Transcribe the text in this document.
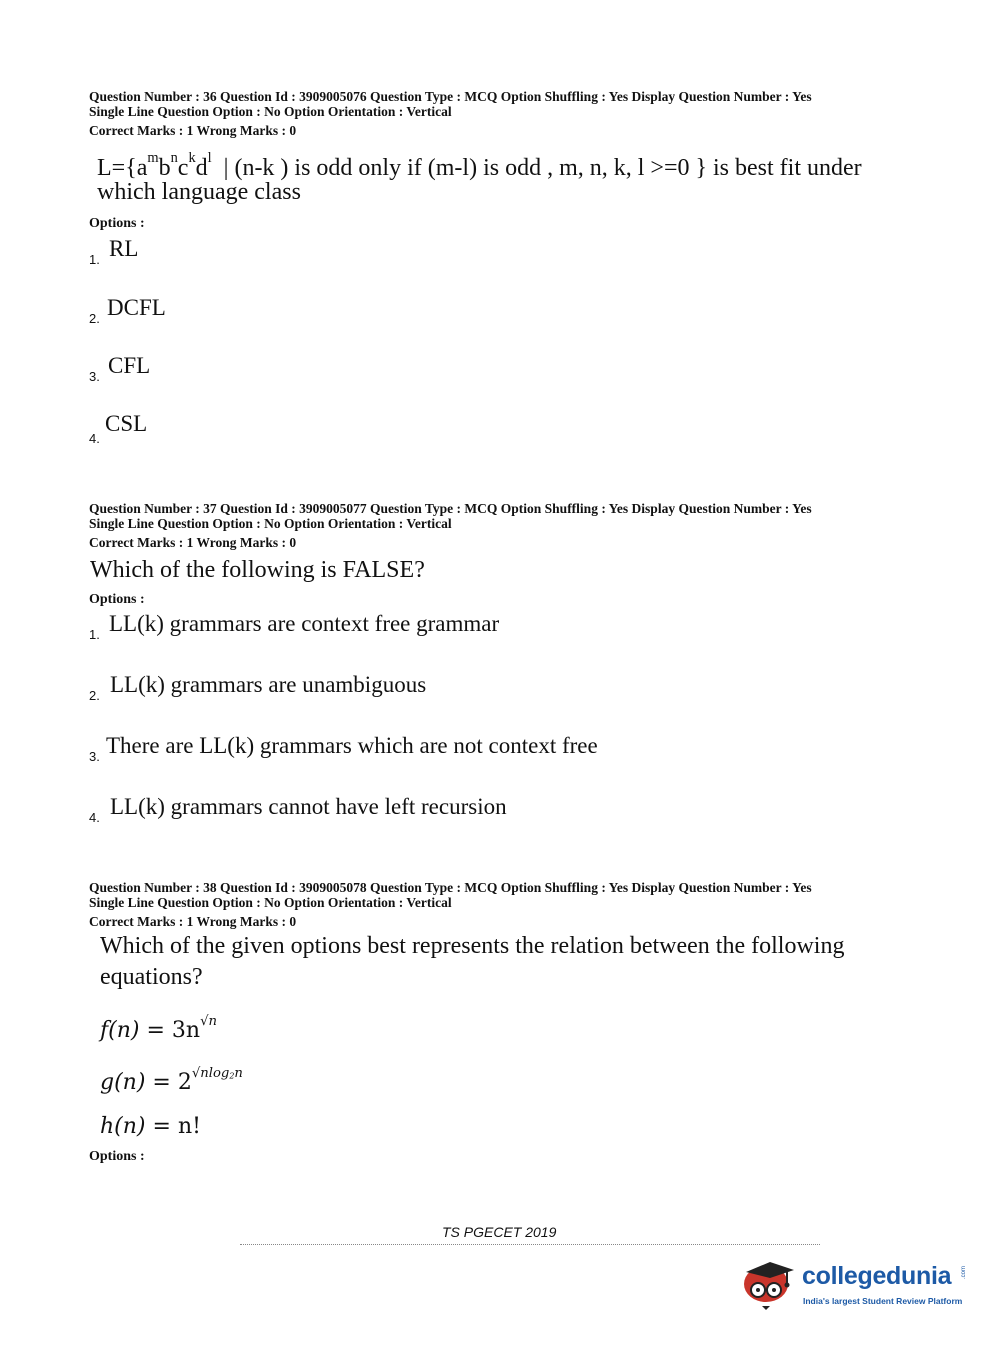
Question Number : 36 Question Id : 3909005076 Question Type : MCQ Option Shuffling : Yes Display Question Number : Yes
Single Line Question Option : No Option Orientation : Vertical
Correct Marks : 1 Wrong Marks : 0
$L=\{a^mb^nc^kd^l$ | (n-k ) is odd only if (m-l) is odd , m, n, k, l >=0 } is best fit under
which language class
Options :
1. RL
2. DCFL
3. CFL
4.
CSL
Question Number : 37 Question Id : 3909005077 Question Type : MCQ Option Shuffling : Yes Display Question Number : Yes
Single Line Question Option : No Option Orientation : Vertical
Correct Marks : 1 Wrong Marks : 0
Which of the following is FALSE?
Options :
1. LL(k) grammars are context free grammar
2. LL(k) grammars are unambiguous
3. There are LL(k) grammars which are not context free
4. LL(k) grammars cannot have left recursion
Question Number : 38 Question Id : 3909005078 Question Type : MCQ Option Shuffling : Yes Display Question Number : Yes
Single Line Question Option : No Option Orientation : Vertical
Correct Marks : 1 Wrong Marks : 0
Which of the given options best represents the relation between the following
equations?
$f(n) = 3n^{√n}$
$g(n) = 2^{√nlog_2n}$
h(n) = n!
Options :
TS PGECET 2019
collegedunia .com
India's largest Student Review Platform
